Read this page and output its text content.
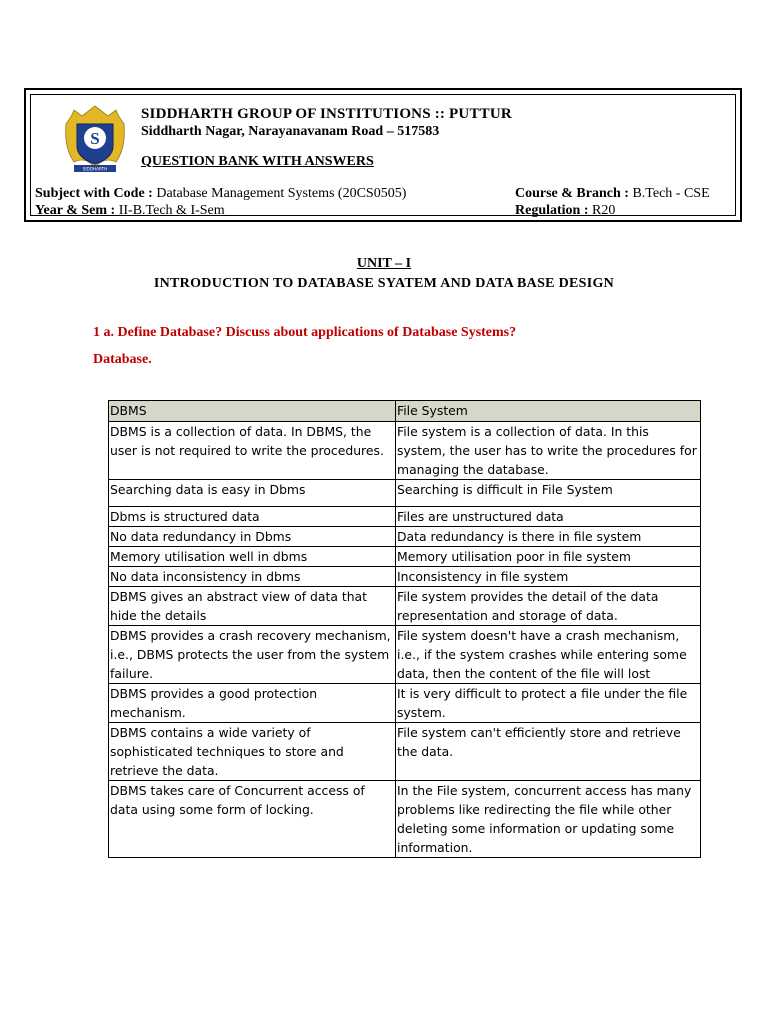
S
SIDDHARTH
SIDDHARTH GROUP OF INSTITUTIONS :: PUTTUR
Siddharth Nagar, Narayanavanam Road – 517583
QUESTION BANK WITH ANSWERS
Subject with Code : Database Management Systems (20CS0505)	Course & Branch : B.Tech - CSE
Year & Sem : II-B.Tech & I-Sem	Regulation : R20
UNIT – I
INTRODUCTION TO DATABASE SYATEM AND DATA BASE DESIGN
1 a. Define Database? Discuss about applications of Database Systems?
Database.
DBMS	File System
DBMS is a collection of data. In DBMS, the user is not required to write the procedures.	File system is a collection of data. In this system, the user has to write the procedures for managing the database.
Searching data is easy in Dbms	Searching is difficult in File System
Dbms is structured data	Files are unstructured data
No data redundancy in Dbms	Data redundancy is there in file system
Memory utilisation well in dbms	Memory utilisation poor in file system
No data inconsistency in dbms	Inconsistency in file system
DBMS gives an abstract view of data that hide the details	File system provides the detail of the data representation and storage of data.
DBMS provides a crash recovery mechanism, i.e., DBMS protects the user from the system failure.	File system doesn't have a crash mechanism, i.e., if the system crashes while entering some data, then the content of the file will lost
DBMS provides a good protection mechanism.	It is very difficult to protect a file under the file system.
DBMS contains a wide variety of sophisticated techniques to store and retrieve the data.	File system can't efficiently store and retrieve the data.
DBMS takes care of Concurrent access of data using some form of locking.	In the File system, concurrent access has many problems like redirecting the file while other deleting some information or updating some information.
